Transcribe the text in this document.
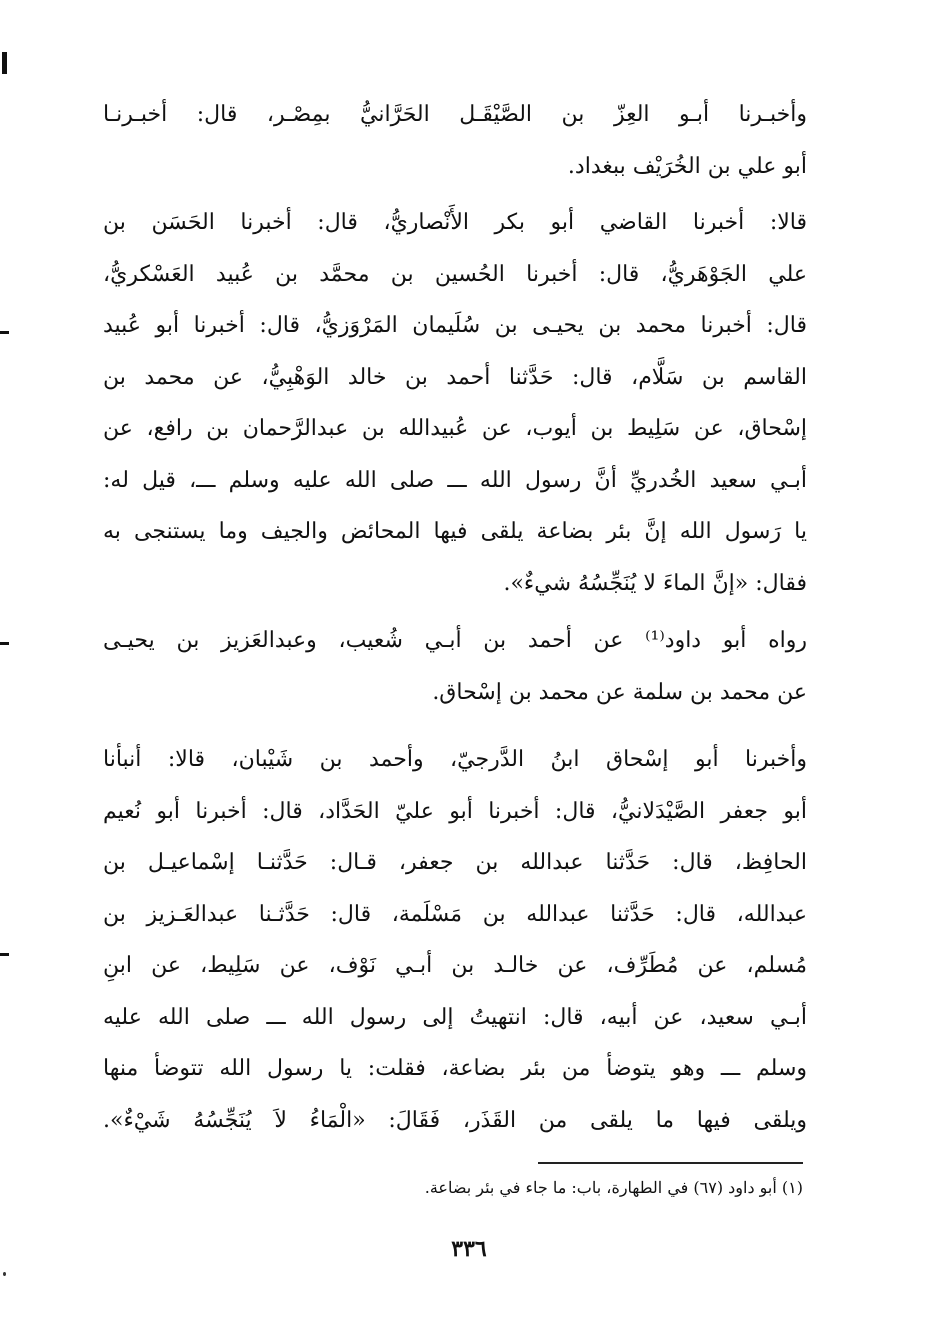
وأخبـرنا أبـو العِزّ بن الصَّيْقَـل الحَرَّانيُّ بمِصْـر، قال: أخبـرنـا
أبو علي بن الخُرَيْف ببغداد.
قالا: أخبرنا القاضي أبو بكر الأَنْصاريُّ، قال: أخبرنا الحَسَن بن
علي الجَوْهَريُّ، قال: أخبرنا الحُسين بن محمَّد بن عُبيد العَسْكريُّ،
قال: أخبرنا محمد بن يحيـى بن سُلَيمان المَرْوَزيُّ، قال: أخبرنا أبو عُبيد
القاسم بن سَلَّام، قال: حَدَّثنا أحمد بن خالد الوَهْبِيُّ، عن محمد بن
إسْحاق، عن سَلِيط بن أيوب، عن عُبيدالله بن عبدالرَّحمان بن رافع، عن
أبـي سعيد الخُدريِّ أنَّ رسول الله ـــ صلى الله عليه وسلم ـــ، قيل له:
يا رَسول الله إنَّ بئر بضاعة يلقى فيها المحائض والجيف وما يستنجى به
فقال: «إنَّ الماءَ لا يُنَجِّسُهُ شيءٌ».
رواه أبو داود⁽¹⁾ عن أحمد بن أبـي شُعيب، وعبدالعَزيز بن يحيـى
عن محمد بن سلمة عن محمد بن إسْحاق.
وأخبرنا أبو إسْحاق ابنُ الدَّرجيّ، وأحمد بن شَيْبان، قالا: أنبأنا
أبو جعفر الصَّيْدَلانيُّ، قال: أخبرنا أبو عليّ الحَدَّاد، قال: أخبرنا أبو نُعيم
الحافِظ، قال: حَدَّثنا عبدالله بن جعفر، قـال: حَدَّثنـا إسْماعيـل بن
عبدالله، قال: حَدَّثنا عبدالله بن مَسْلَمة، قال: حَدَّثـنا عبدالعَـزيز بن
مُسلم، عن مُطَرِّف، عن خالـد بن أبـي نَوْف، عن سَلِيط، عن ابنِ
أبـي سعيد، عن أبيه، قال: انتهيتُ إلى رسول الله ـــ صلى الله عليه
وسلم ـــ وهو يتوضأ من بئر بضاعة، فقلت: يا رسول الله تتوضأ منها
ويلقى فيها ما يلقى من القَذَر، فَقَالَ: «الْمَاءُ لاَ يُنَجِّسُهُ شَيْءٌ».
(١) أبو داود (٦٧) في الطهارة، باب: ما جاء في بئر بضاعة.
٣٣٦
